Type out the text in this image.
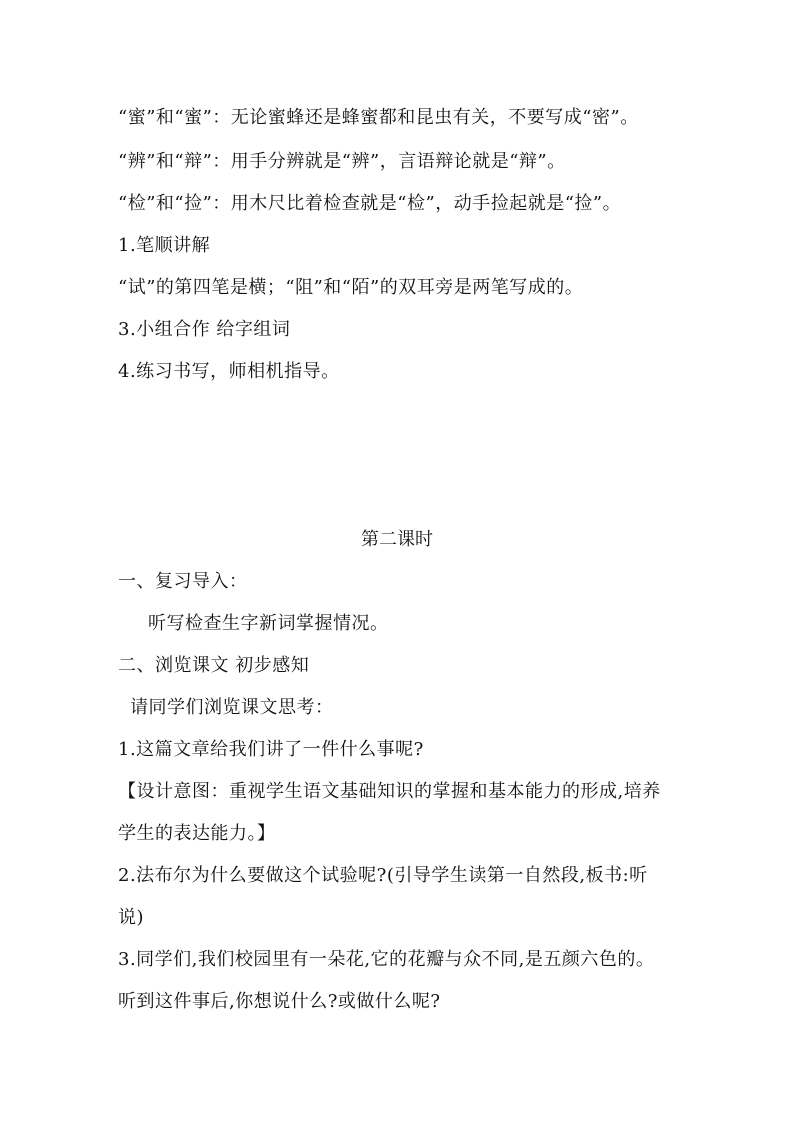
“蜜”和“蜜”：无论蜜蜂还是蜂蜜都和昆虫有关，不要写成“密”。
“辨”和“辩”：用手分辨就是“辨”，言语辩论就是“辩”。
“检”和“捡”：用木尺比着检查就是“检”，动手捡起就是“捡”。
1.笔顺讲解
“试”的第四笔是横；“阻”和“陌”的双耳旁是两笔写成的。
3.小组合作 给字组词
4.练习书写，师相机指导。
第二课时
一、复习导入：
听写检查生字新词掌握情况。
二、浏览课文 初步感知
请同学们浏览课文思考：
1.这篇文章给我们讲了一件什么事呢?
【设计意图：重视学生语文基础知识的掌握和基本能力的形成,培养
学生的表达能力。】
2.法布尔为什么要做这个试验呢?(引导学生读第一自然段,板书:听
说)
3.同学们,我们校园里有一朵花,它的花瓣与众不同,是五颜六色的。
听到这件事后,你想说什么?或做什么呢?
